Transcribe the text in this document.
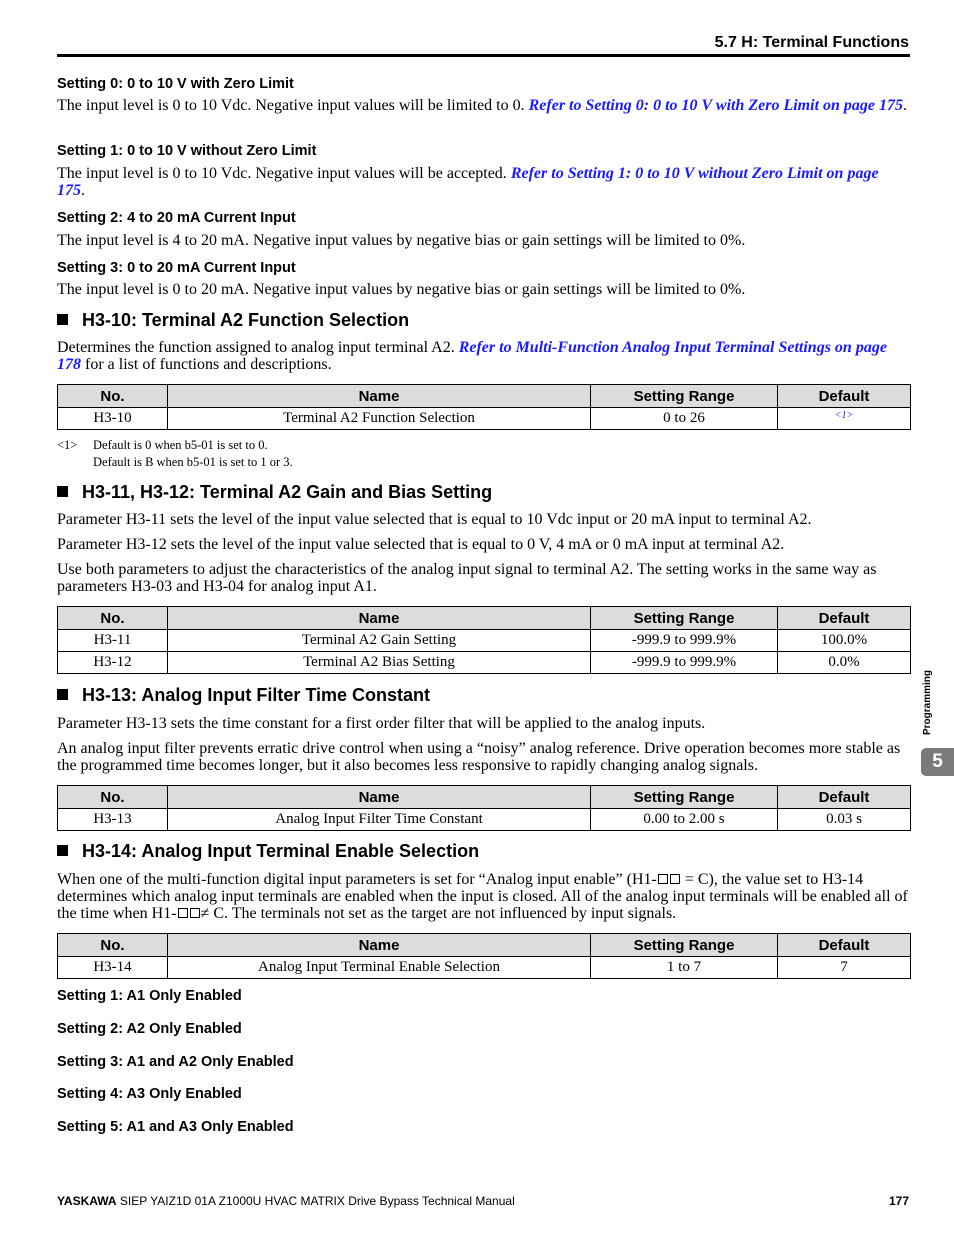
5.7 H: Terminal Functions
Setting 0: 0 to 10 V with Zero Limit
The input level is 0 to 10 Vdc. Negative input values will be limited to 0. Refer to Setting 0: 0 to 10 V with Zero Limit on page 175.
Setting 1: 0 to 10 V without Zero Limit
The input level is 0 to 10 Vdc. Negative input values will be accepted. Refer to Setting 1: 0 to 10 V without Zero Limit on page 175.
Setting 2: 4 to 20 mA Current Input
The input level is 4 to 20 mA. Negative input values by negative bias or gain settings will be limited to 0%.
Setting 3: 0 to 20 mA Current Input
The input level is 0 to 20 mA. Negative input values by negative bias or gain settings will be limited to 0%.
H3-10: Terminal A2 Function Selection
Determines the function assigned to analog input terminal A2. Refer to Multi-Function Analog Input Terminal Settings on page 178 for a list of functions and descriptions.
No.	Name	Setting Range	Default
H3-10	Terminal A2 Function Selection	0 to 26	$^{<1>}$
<1> Default is 0 when b5-01 is set to 0.
Default is B when b5-01 is set to 1 or 3.
H3-11, H3-12: Terminal A2 Gain and Bias Setting
Parameter H3-11 sets the level of the input value selected that is equal to 10 Vdc input or 20 mA input to terminal A2.
Parameter H3-12 sets the level of the input value selected that is equal to 0 V, 4 mA or 0 mA input at terminal A2.
Use both parameters to adjust the characteristics of the analog input signal to terminal A2. The setting works in the same way as parameters H3-03 and H3-04 for analog input A1.
No.	Name	Setting Range	Default
H3-11	Terminal A2 Gain Setting	-999.9 to 999.9%	100.0%
H3-12	Terminal A2 Bias Setting	-999.9 to 999.9%	0.0%
H3-13: Analog Input Filter Time Constant
Parameter H3-13 sets the time constant for a first order filter that will be applied to the analog inputs.
An analog input filter prevents erratic drive control when using a “noisy” analog reference. Drive operation becomes more stable as the programmed time becomes longer, but it also becomes less responsive to rapidly changing analog signals.
No.	Name	Setting Range	Default
H3-13	Analog Input Filter Time Constant	0.00 to 2.00 s	0.03 s
H3-14: Analog Input Terminal Enable Selection
When one of the multi-function digital input parameters is set for “Analog input enable” (H1- = C), the value set to H3-14 determines which analog input terminals are enabled when the input is closed. All of the analog input terminals will be enabled all of the time when H1- ≠ C. The terminals not set as the target are not influenced by input signals.
No.	Name	Setting Range	Default
H3-14	Analog Input Terminal Enable Selection	1 to 7	7
Setting 1: A1 Only Enabled
Setting 2: A2 Only Enabled
Setting 3: A1 and A2 Only Enabled
Setting 4: A3 Only Enabled
Setting 5: A1 and A3 Only Enabled
Programming
5
YASKAWA SIEP YAIZ1D 01A Z1000U HVAC MATRIX Drive Bypass Technical Manual	177
